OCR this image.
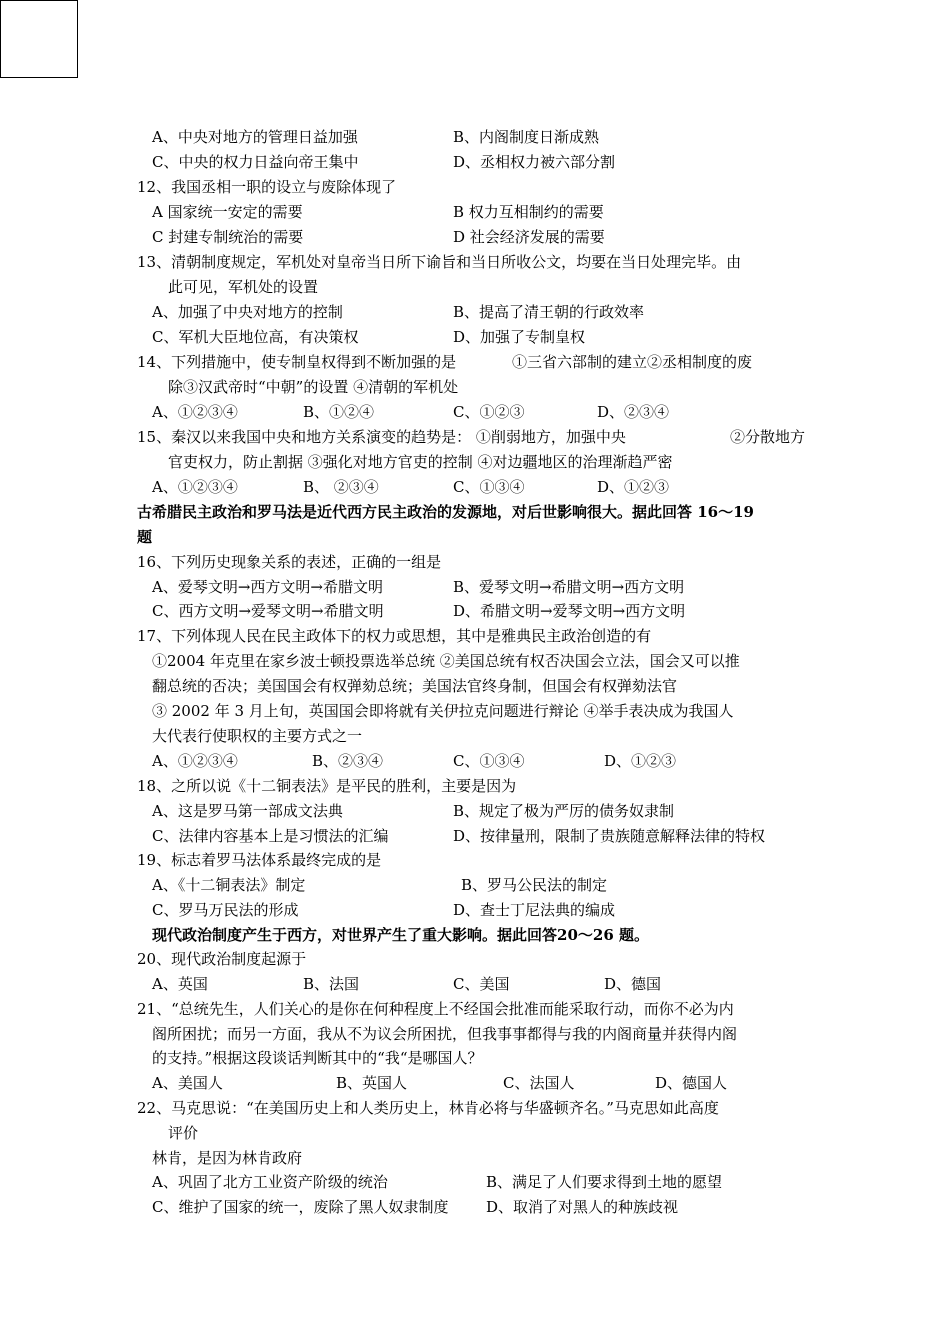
A、中央对地方的管理日益加强	B、内阁制度日渐成熟
C、中央的权力日益向帝王集中	D、丞相权力被六部分割
12、我国丞相一职的设立与废除体现了
A 国家统一安定的需要	B 权力互相制约的需要
C 封建专制统治的需要	D 社会经济发展的需要
13、清朝制度规定，军机处对皇帝当日所下谕旨和当日所收公文，均要在当日处理完毕。由
此可见，军机处的设置
A、加强了中央对地方的控制	B、提高了清王朝的行政效率
C、军机大臣地位高，有决策权	D、加强了专制皇权
14、下列措施中，使专制皇权得到不断加强的是	①三省六部制的建立②丞相制度的废
除③汉武帝时“中朝”的设置 ④清朝的军机处
A、①②③④	B、①②④	C、①②③	D、②③④
15、秦汉以来我国中央和地方关系演变的趋势是： ①削弱地方，加强中央	②分散地方
官吏权力，防止割据 ③强化对地方官吏的控制 ④对边疆地区的治理渐趋严密
A、①②③④	B、 ②③④	C、①③④	D、①②③
古希腊民主政治和罗马法是近代西方民主政治的发源地，对后世影响很大。据此回答 16～19
题
16、下列历史现象关系的表述，正确的一组是
A、爱琴文明→西方文明→希腊文明	B、爱琴文明→希腊文明→西方文明
C、西方文明→爱琴文明→希腊文明	D、希腊文明→爱琴文明→西方文明
17、下列体现人民在民主政体下的权力或思想，其中是雅典民主政治创造的有
①2004 年克里在家乡波士顿投票选举总统 ②美国总统有权否决国会立法，国会又可以推
翻总统的否决；美国国会有权弹劾总统；美国法官终身制，但国会有权弹劾法官
③ 2002 年 3 月上旬，英国国会即将就有关伊拉克问题进行辩论 ④举手表决成为我国人
大代表行使职权的主要方式之一
A、①②③④	B、②③④	C、①③④	D、①②③
18、之所以说《十二铜表法》是平民的胜利，主要是因为
A、这是罗马第一部成文法典	B、规定了极为严厉的债务奴隶制
C、法律内容基本上是习惯法的汇编	D、按律量刑，限制了贵族随意解释法律的特权
19、标志着罗马法体系最终完成的是
A、《十二铜表法》制定	B、罗马公民法的制定
C、罗马万民法的形成	D、查士丁尼法典的编成
现代政治制度产生于西方，对世界产生了重大影响。据此回答20～26 题。
20、现代政治制度起源于
A、英国	B、法国	C、美国	D、德国
21、“总统先生，人们关心的是你在何种程度上不经国会批准而能采取行动，而你不必为内
阁所困扰；而另一方面，我从不为议会所困扰，但我事事都得与我的内阁商量并获得内阁
的支持。”根据这段谈话判断其中的“我“是哪国人？
A、美国人	B、英国人	C、法国人	D、德国人
22、马克思说：“在美国历史上和人类历史上，林肯必将与华盛顿齐名。”马克思如此高度
评价
林肯，是因为林肯政府
A、巩固了北方工业资产阶级的统治	B、满足了人们要求得到土地的愿望
C、维护了国家的统一，废除了黑人奴隶制度	D、取消了对黑人的种族歧视
